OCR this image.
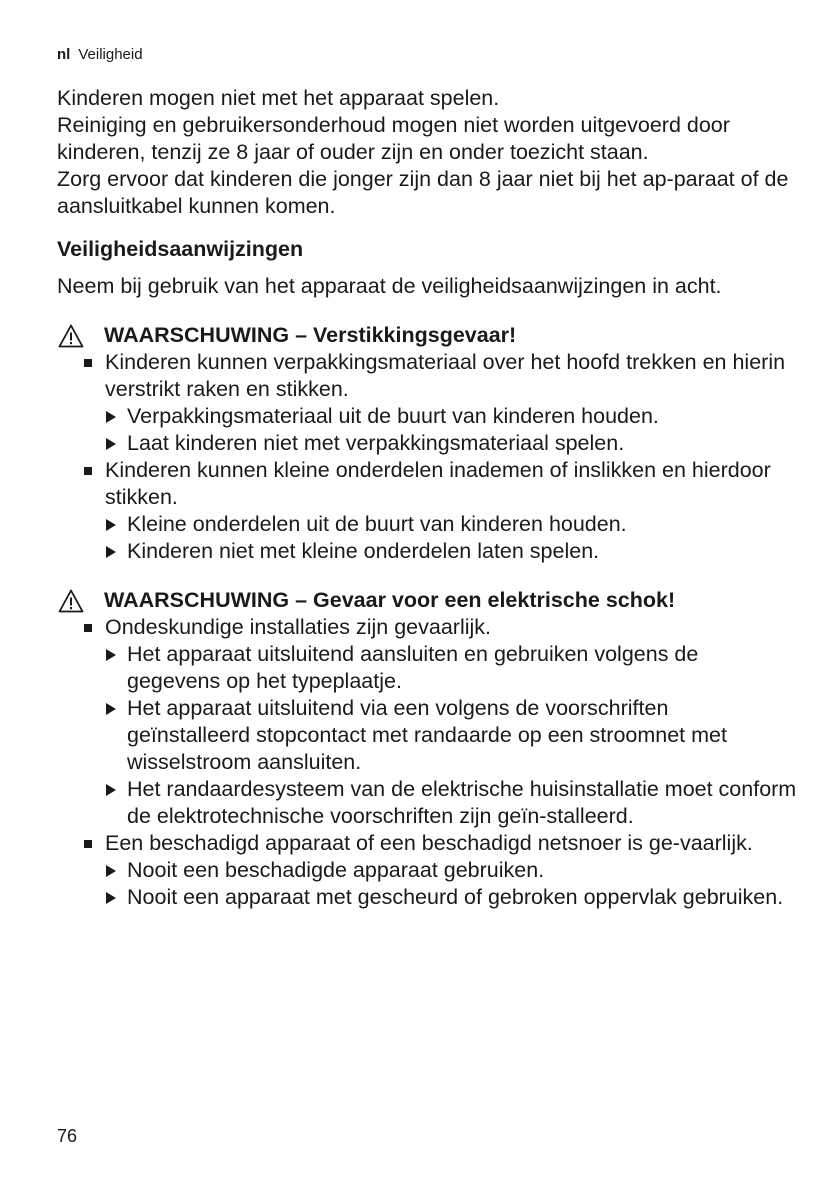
nl Veiligheid

Kinderen mogen niet met het apparaat spelen.

Reiniging en gebruikersonderhoud mogen niet worden uitgevoerd door kinderen, tenzij ze 8 jaar of ouder zijn en onder toezicht staan.

Zorg ervoor dat kinderen die jonger zijn dan 8 jaar niet bij het ap-paraat of de aansluitkabel kunnen komen.

Veiligheidsaanwijzingen

Neem bij gebruik van het apparaat de veiligheidsaanwijzingen in acht.

WAARSCHUWING – Verstikkingsgevaar!
Kinderen kunnen verpakkingsmateriaal over het hoofd trekken en hierin verstrikt raken en stikken.
Verpakkingsmateriaal uit de buurt van kinderen houden.
Laat kinderen niet met verpakkingsmateriaal spelen.
Kinderen kunnen kleine onderdelen inademen of inslikken en hierdoor stikken.
Kleine onderdelen uit de buurt van kinderen houden.
Kinderen niet met kleine onderdelen laten spelen.
WAARSCHUWING – Gevaar voor een elektrische schok!
Ondeskundige installaties zijn gevaarlijk.
Het apparaat uitsluitend aansluiten en gebruiken volgens de gegevens op het typeplaatje.
Het apparaat uitsluitend via een volgens de voorschriften geïnstalleerd stopcontact met randaarde op een stroomnet met wisselstroom aansluiten.
Het randaardesysteem van de elektrische huisinstallatie moet conform de elektrotechnische voorschriften zijn geïn-stalleerd.
Een beschadigd apparaat of een beschadigd netsnoer is ge-vaarlijk.
Nooit een beschadigde apparaat gebruiken.
Nooit een apparaat met gescheurd of gebroken oppervlak gebruiken.
76
